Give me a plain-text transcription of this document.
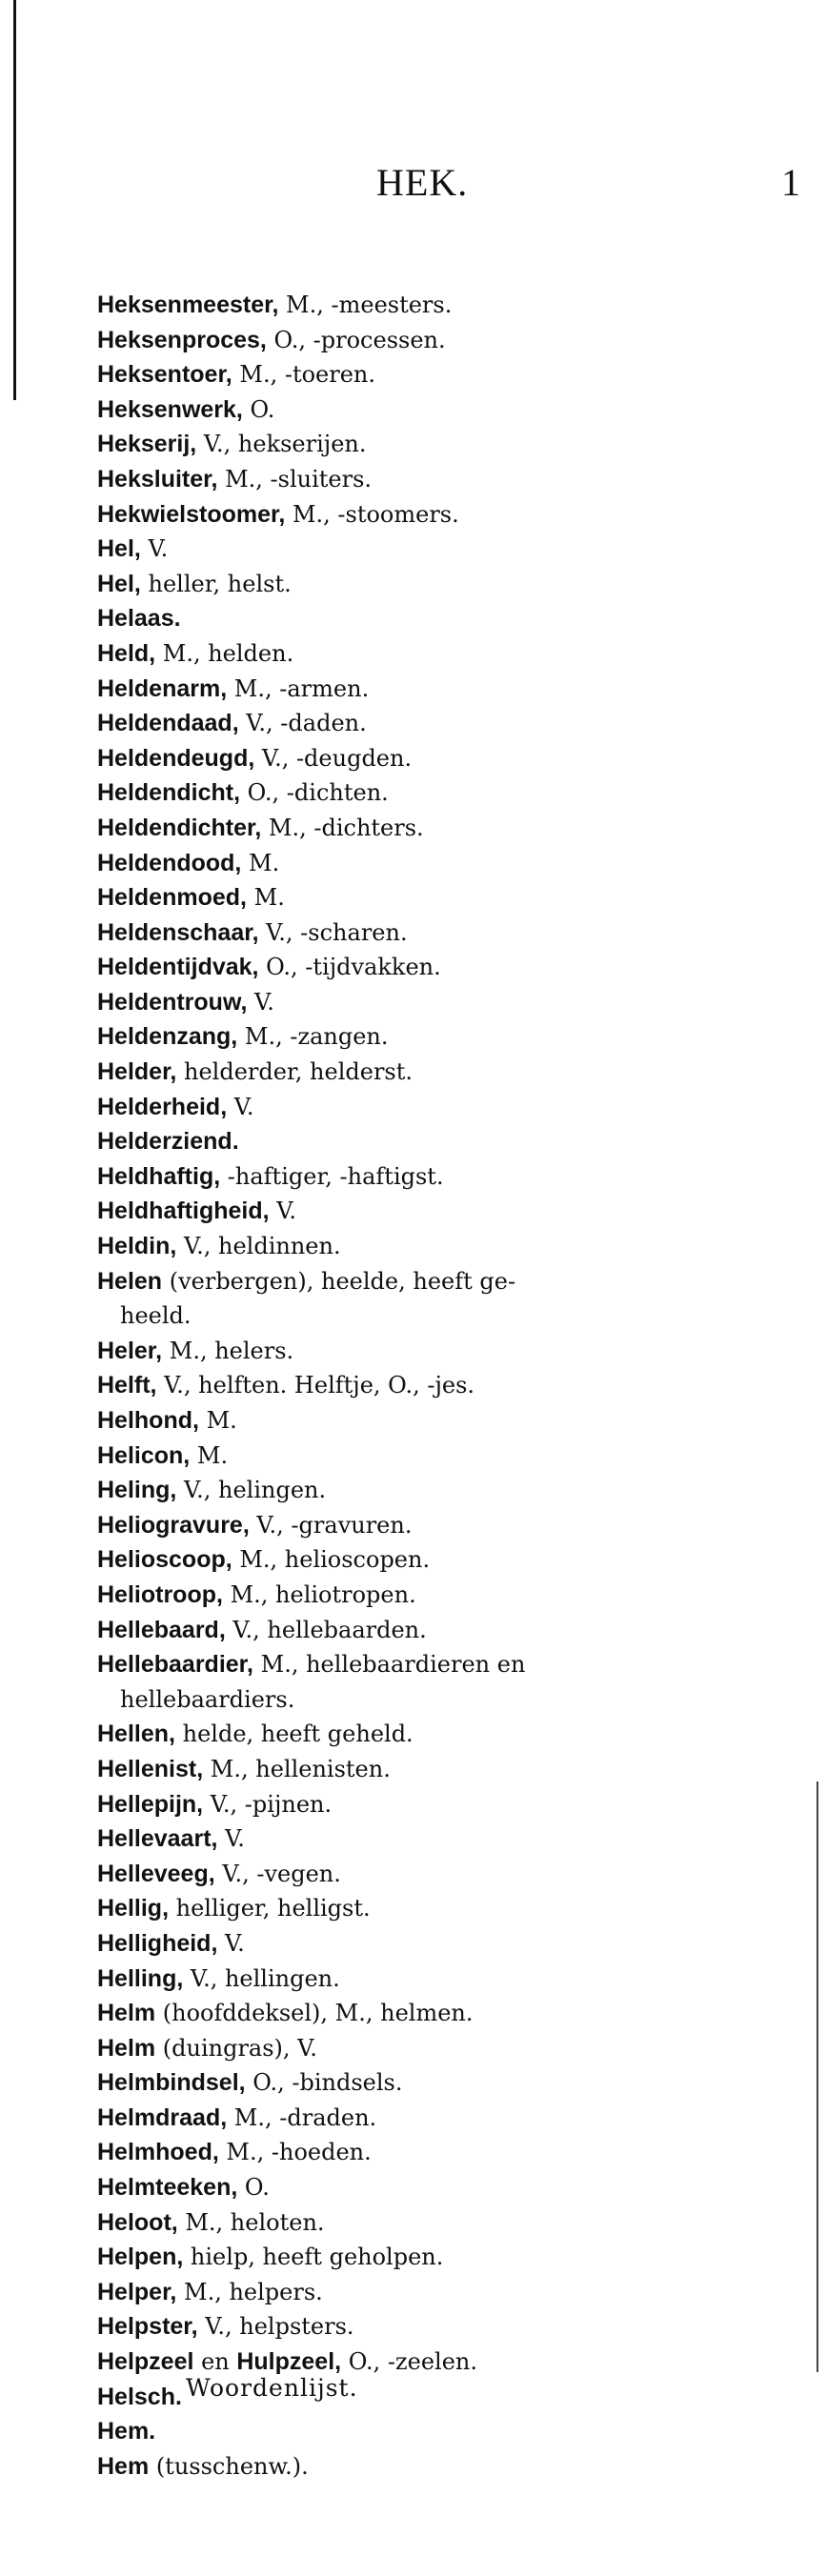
HEK.	1
Heksenmeester, M., -meesters.
Heksenproces, O., -processen.
Heksentoer, M., -toeren.
Heksenwerk, O.
Hekserij, V., hekserijen.
Heksluiter, M., -sluiters.
Hekwielstoomer, M., -stoomers.
Hel, V.
Hel, heller, helst.
Helaas.
Held, M., helden.
Heldenarm, M., -armen.
Heldendaad, V., -daden.
Heldendeugd, V., -deugden.
Heldendicht, O., -dichten.
Heldendichter, M., -dichters.
Heldendood, M.
Heldenmoed, M.
Heldenschaar, V., -scharen.
Heldentijdvak, O., -tijdvakken.
Heldentrouw, V.
Heldenzang, M., -zangen.
Helder, helderder, helderst.
Helderheid, V.
Helderziend.
Heldhaftig, -haftiger, -haftigst.
Heldhaftigheid, V.
Heldin, V., heldinnen.
Helen (verbergen), heelde, heeft ge-
heeld.
Heler, M., helers.
Helft, V., helften. Helftje, O., -jes.
Helhond, M.
Helicon, M.
Heling, V., helingen.
Heliogravure, V., -gravuren.
Helioscoop, M., helioscopen.
Heliotroop, M., heliotropen.
Hellebaard, V., hellebaarden.
Hellebaardier, M., hellebaardieren en
hellebaardiers.
Hellen, helde, heeft geheld.
Hellenist, M., hellenisten.
Hellepijn, V., -pijnen.
Hellevaart, V.
Helleveeg, V., -vegen.
Hellig, helliger, helligst.
Helligheid, V.
Helling, V., hellingen.
Helm (hoofddeksel), M., helmen.
Helm (duingras), V.
Helmbindsel, O., -bindsels.
Helmdraad, M., -draden.
Helmhoed, M., -hoeden.
Helmteeken, O.
Heloot, M., heloten.
Helpen, hielp, heeft geholpen.
Helper, M., helpers.
Helpster, V., helpsters.
Helpzeel en Hulpzeel, O., -zeelen.
Helsch.
Hem.
Hem (tusschenw.).
Woordenlijst.
